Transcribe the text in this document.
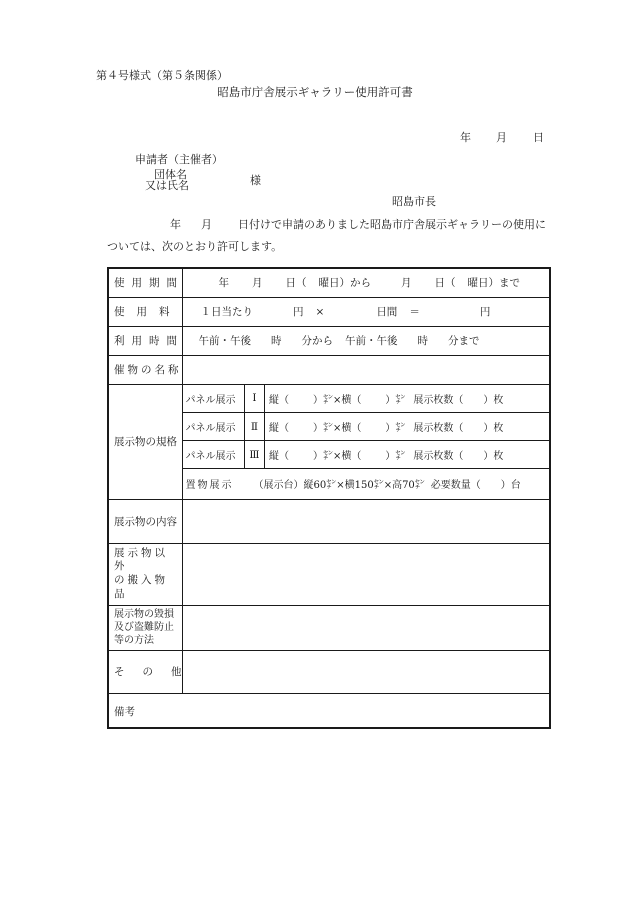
第４号様式（第５条関係）
昭島市庁舎展示ギャラリー使用許可書
年 月 日
申請者（主催者）
団体名
又は氏名	様
昭島市長
年 月 日付けで申請のありました昭島市庁舎展示ギャラリーの使用に
ついては、次のとおり許可します。
使用期間	年 月 日（ 曜日）から	月 日（ 曜日）まで

使用料	１日当たり	円 ×	日間 ＝	円

利用時間	午前・午後 時 分から 午前・午後 時 分まで

催物の名称	
展示物の規格	
パネル展示	Ⅰ	縦（ ）㌢×横（ ）㌢ 展示枚数（ ）枚

パネル展示	Ⅱ	縦（ ）㌢×横（ ）㌢ 展示枚数（ ）枚

パネル展示	Ⅲ	縦（ ）㌢×横（ ）㌢ 展示枚数（ ）枚

置物展示	（展示台）縦60㌢×横150㌢×高70㌢ 必要数量（ ）台

展示物の内容	

展示物以外
の搬入物品

展示物の毀損
及び盗難防止
等の方法

その他	
備考
